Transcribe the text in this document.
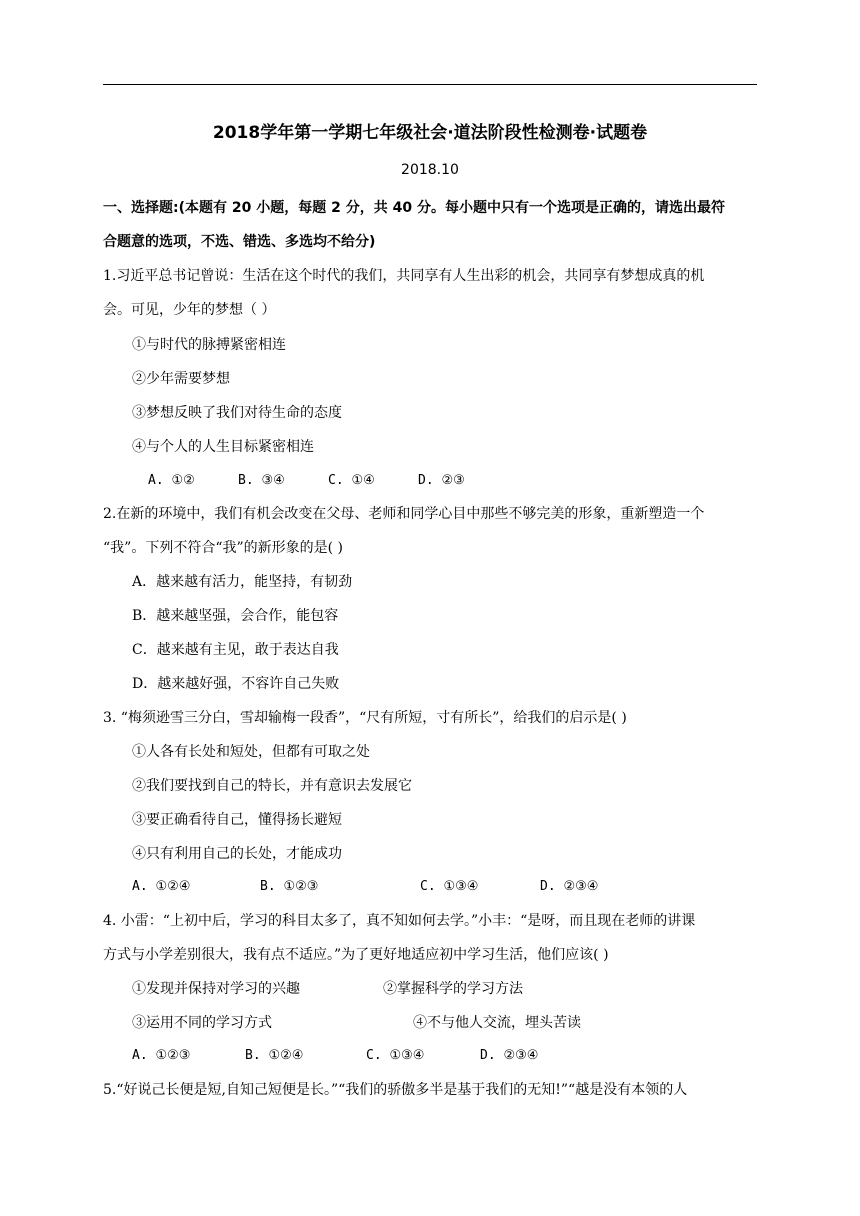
2018学年第一学期七年级社会·道法阶段性检测卷·试题卷
2018.10
一、选择题:(本题有 20 小题，每题 2 分，共 40 分。每小题中只有一个选项是正确的，请选出最符
合题意的选项，不选、错选、多选均不给分)
1.习近平总书记曾说：生活在这个时代的我们，共同享有人生出彩的机会，共同享有梦想成真的机
会。可见，少年的梦想（ ）
①与时代的脉搏紧密相连
②少年需要梦想
③梦想反映了我们对待生命的态度
④与个人的人生目标紧密相连
A. ①②	B. ③④	C. ①④	D. ②③
2.在新的环境中，我们有机会改变在父母、老师和同学心目中那些不够完美的形象，重新塑造一个
“我”。下列不符合“我”的新形象的是( )
A．越来越有活力，能坚持，有韧劲
B．越来越坚强，会合作，能包容
C．越来越有主见，敢于表达自我
D．越来越好强，不容许自己失败
3. “梅须逊雪三分白，雪却输梅一段香”，“尺有所短，寸有所长”，给我们的启示是( )
①人各有长处和短处，但都有可取之处
②我们要找到自己的特长，并有意识去发展它
③要正确看待自己，懂得扬长避短
④只有利用自己的长处，才能成功
A. ①②④	B. ①②③	C. ①③④	D. ②③④
4. 小雷：“上初中后，学习的科目太多了，真不知如何去学。”小丰：“是呀，而且现在老师的讲课
方式与小学差别很大，我有点不适应。”为了更好地适应初中学习生活，他们应该( )
①发现并保持对学习的兴趣	②掌握科学的学习方法
③运用不同的学习方式	④不与他人交流，埋头苦读
A. ①②③	B. ①②④	C. ①③④	D. ②③④
5.“好说己长便是短,自知己短便是长。”“我们的骄傲多半是基于我们的无知!”“越是没有本领的人
